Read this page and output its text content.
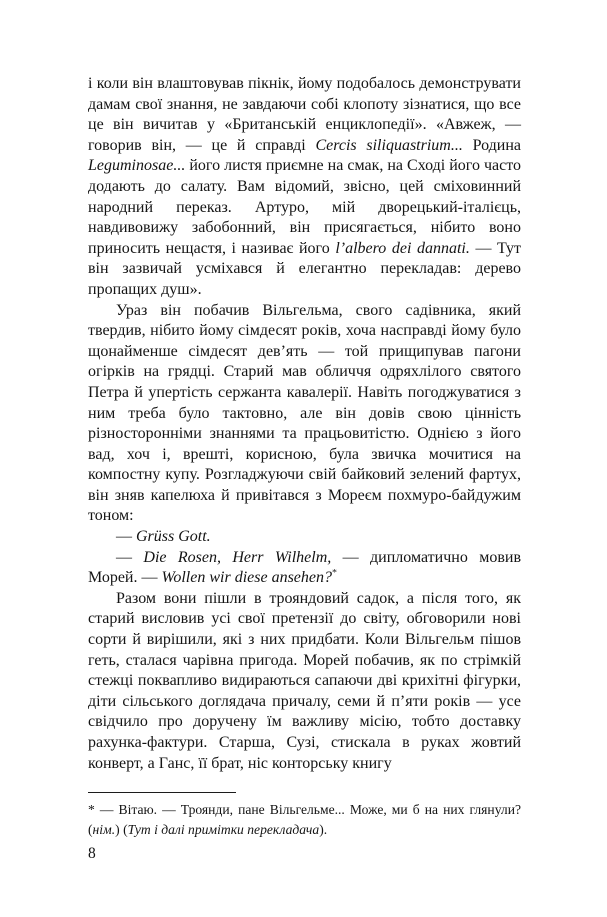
і коли він влаштовував пікнік, йому подобалось демонструвати дамам свої знання, не завдаючи собі клопоту зізнатися, що все це він вичитав у «Британській енциклопедії». «Авжеж, — говорив він, — це й справді Cercis siliquastrium... Родина Leguminosae... його листя приємне на смак, на Сході його часто додають до салату. Вам відомий, звісно, цей сміховинний народний переказ. Артуро, мій дворецький-італієць, навдивовижу забобонний, він присягається, нібито воно приносить нещастя, і називає його l’albero dei dannati. — Тут він зазвичай усміхався й елегантно перекладав: дерево пропащих душ».

Ураз він побачив Вільгельма, свого садівника, який твердив, нібито йому сімдесят років, хоча насправді йому було щонайменше сімдесят дев’ять — той прищипував пагони огірків на грядці. Старий мав обличчя одряхлілого святого Петра й упертість сержанта кавалерії. Навіть погоджуватися з ним треба було тактовно, але він довів свою цінність різносторонніми знаннями та працьовитістю. Однією з його вад, хоч і, врешті, корисною, була звичка мочитися на компостну купу. Розгладжуючи свій байковий зелений фартух, він зняв капелюха й привітався з Мореєм похмуро-байдужим тоном:

— Grüss Gott.

— Die Rosen, Herr Wilhelm, — дипломатично мовив Морей. — Wollen wir diese ansehen?*

Разом вони пішли в трояндовий садок, а після того, як старий висловив усі свої претензії до світу, обговорили нові сорти й вирішили, які з них придбати. Коли Вільгельм пішов геть, сталася чарівна пригода. Морей побачив, як по стрімкій стежці поквапливо видираються сапаючи дві крихітні фігурки, діти сільського доглядача причалу, семи й п’яти років — усе свідчило про доручену їм важливу місію, тобто доставку рахунка-фактури. Старша, Сузі, стискала в руках жовтий конверт, а Ганс, її брат, ніс конторську книгу

* — Вітаю. — Троянди, пане Вільгельме... Може, ми б на них глянули? (нім.) (Тут і далі примітки перекладача).

8
